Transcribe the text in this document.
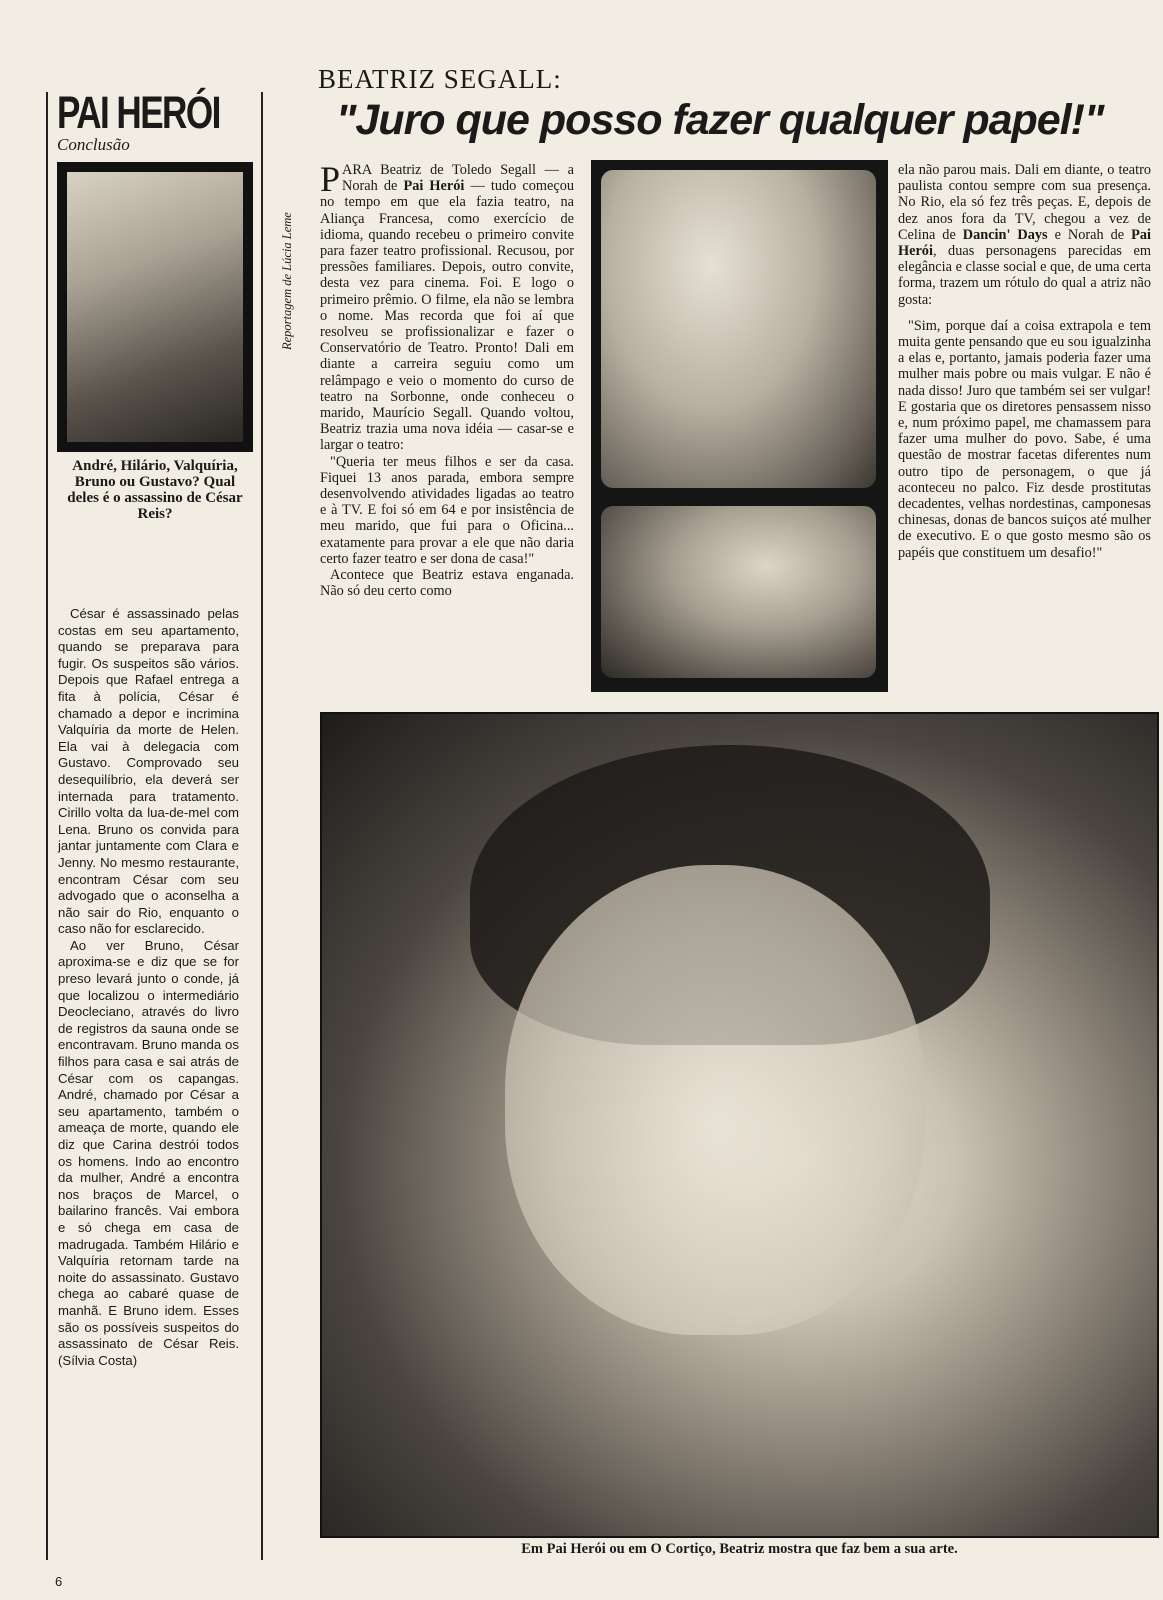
PAI HERÓI
Conclusão
André, Hilário, Valquíria, Bruno ou Gustavo? Qual deles é o assassino de César Reis?

César é assassinado pelas costas em seu apartamento, quando se preparava para fugir. Os suspeitos são vários. Depois que Rafael entrega a fita à polícia, César é chamado a depor e incrimina Valquíria da morte de Helen. Ela vai à delegacia com Gustavo. Comprovado seu desequilíbrio, ela deverá ser internada para tratamento. Cirillo volta da lua-de-mel com Lena. Bruno os convida para jantar juntamente com Clara e Jenny. No mesmo restaurante, encontram César com seu advogado que o aconselha a não sair do Rio, enquanto o caso não for esclarecido.

Ao ver Bruno, César aproxima-se e diz que se for preso levará junto o conde, já que localizou o intermediário Deocleciano, através do livro de registros da sauna onde se encontravam. Bruno manda os filhos para casa e sai atrás de César com os capangas. André, chamado por César a seu apartamento, também o ameaça de morte, quando ele diz que Carina destrói todos os homens. Indo ao encontro da mulher, André a encontra nos braços de Marcel, o bailarino francês. Vai embora e só chega em casa de madrugada. Também Hilário e Valquíria retornam tarde na noite do assassinato. Gustavo chega ao cabaré quase de manhã. E Bruno idem. Esses são os possíveis suspeitos do assassinato de César Reis. (Sílvia Costa)

BEATRIZ SEGALL:
"Juro que posso fazer qualquer papel!"
Reportagem de Lúcia Leme

PARA Beatriz de Toledo Segall — a Norah de Pai Herói — tudo começou no tempo em que ela fazia teatro, na Aliança Francesa, como exercício de idioma, quando recebeu o primeiro convite para fazer teatro profissional. Recusou, por pressões familiares. Depois, outro convite, desta vez para cinema. Foi. E logo o primeiro prêmio. O filme, ela não se lembra o nome. Mas recorda que foi aí que resolveu se profissionalizar e fazer o Conservatório de Teatro. Pronto! Dali em diante a carreira seguiu como um relâmpago e veio o momento do curso de teatro na Sorbonne, onde conheceu o marido, Maurício Segall. Quando voltou, Beatriz trazia uma nova idéia — casar-se e largar o teatro:

"Queria ter meus filhos e ser da casa. Fiquei 13 anos parada, embora sempre desenvolvendo atividades ligadas ao teatro e à TV. E foi só em 64 e por insistência de meu marido, que fui para o Oficina... exatamente para provar a ele que não daria certo fazer teatro e ser dona de casa!"

Acontece que Beatriz estava enganada. Não só deu certo como

ela não parou mais. Dali em diante, o teatro paulista contou sempre com sua presença. No Rio, ela só fez três peças. E, depois de dez anos fora da TV, chegou a vez de Celina de Dancin' Days e Norah de Pai Herói, duas personagens parecidas em elegância e classe social e que, de uma certa forma, trazem um rótulo do qual a atriz não gosta:

"Sim, porque daí a coisa extrapola e tem muita gente pensando que eu sou igualzinha a elas e, portanto, jamais poderia fazer uma mulher mais pobre ou mais vulgar. E não é nada disso! Juro que também sei ser vulgar! E gostaria que os diretores pensassem nisso e, num próximo papel, me chamassem para fazer uma mulher do povo. Sabe, é uma questão de mostrar facetas diferentes num outro tipo de personagem, o que já aconteceu no palco. Fiz desde prostitutas decadentes, velhas nordestinas, camponesas chinesas, donas de bancos suiços até mulher de executivo. E o que gosto mesmo são os papéis que constituem um desafio!"

Em Pai Herói ou em O Cortiço, Beatriz mostra que faz bem a sua arte.
6
